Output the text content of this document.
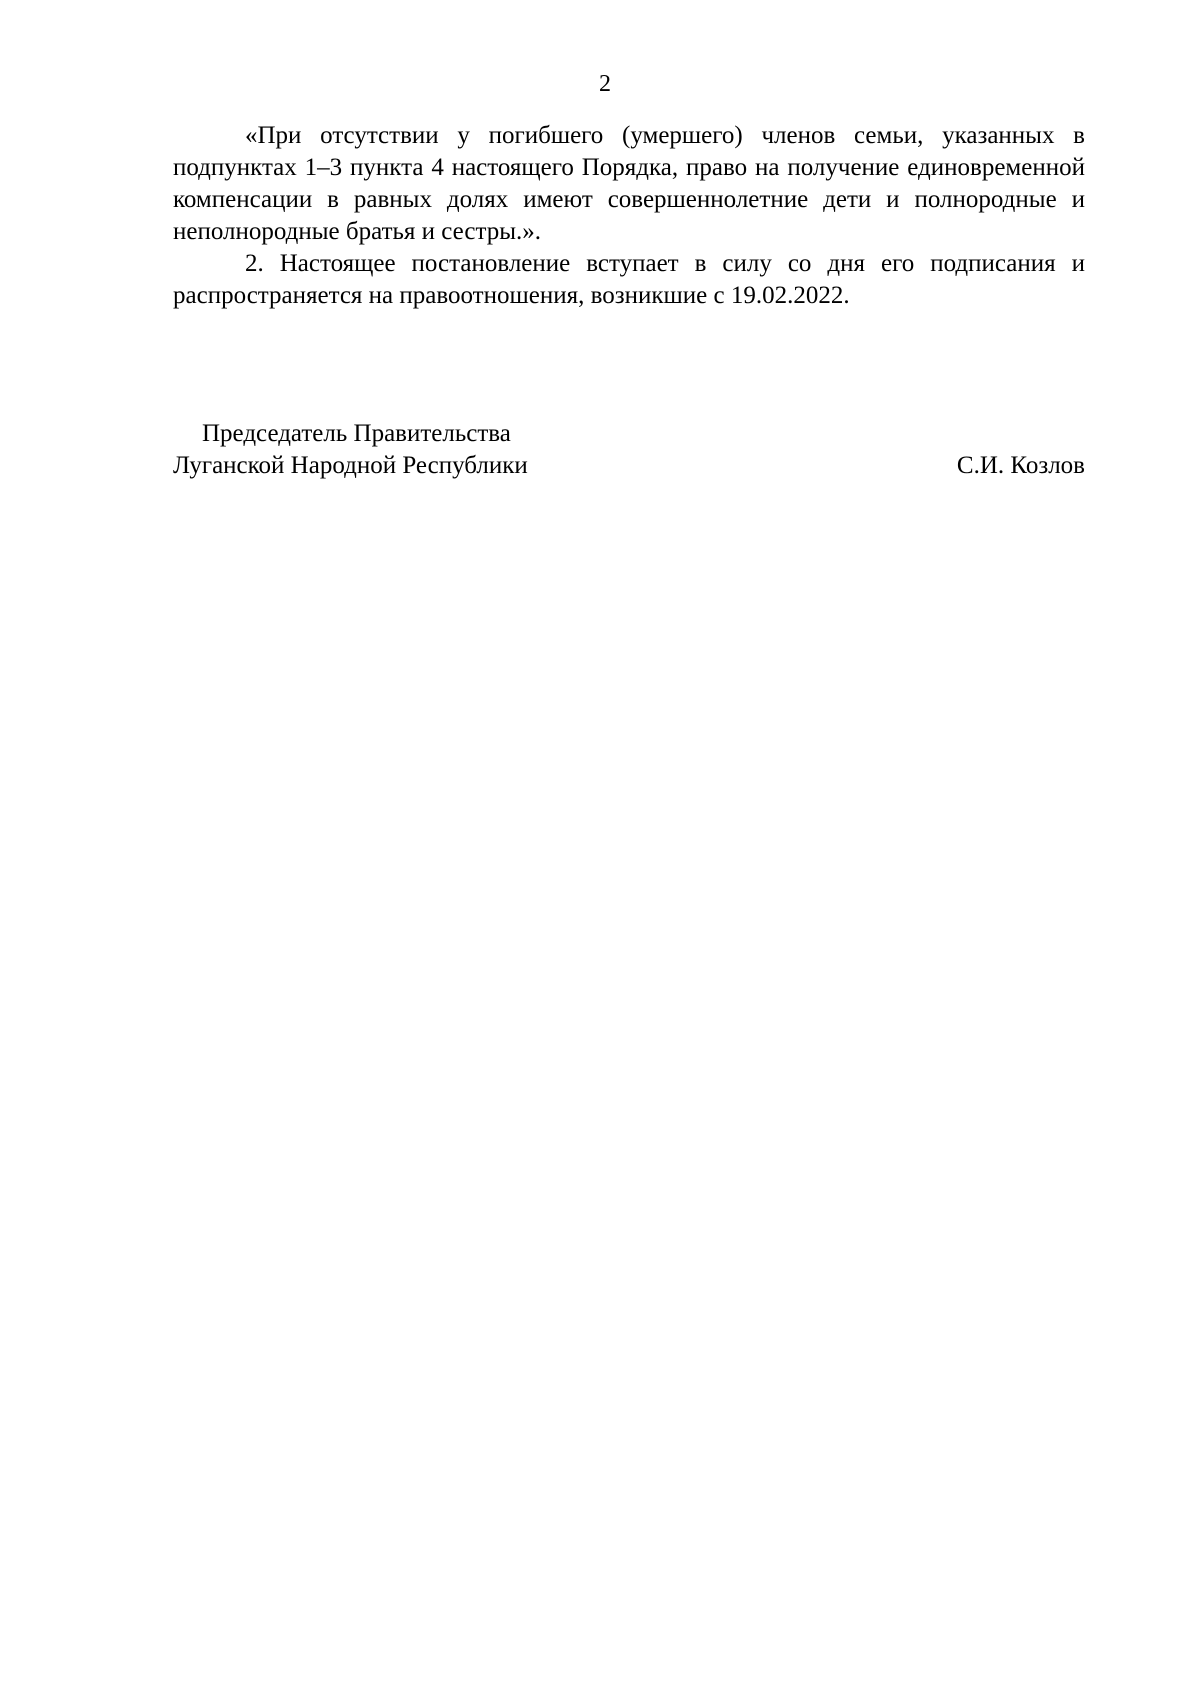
2

«При отсутствии у погибшего (умершего) членов семьи, указанных в подпунктах 1–3 пункта 4 настоящего Порядка, право на получение единовременной компенсации в равных долях имеют совершеннолетние дети и полнородные и неполнородные братья и сестры.».

2. Настоящее постановление вступает в силу со дня его подписания и распространяется на правоотношения, возникшие с 19.02.2022.

Председатель Правительства
Луганской Народной Республики	С.И. Козлов
